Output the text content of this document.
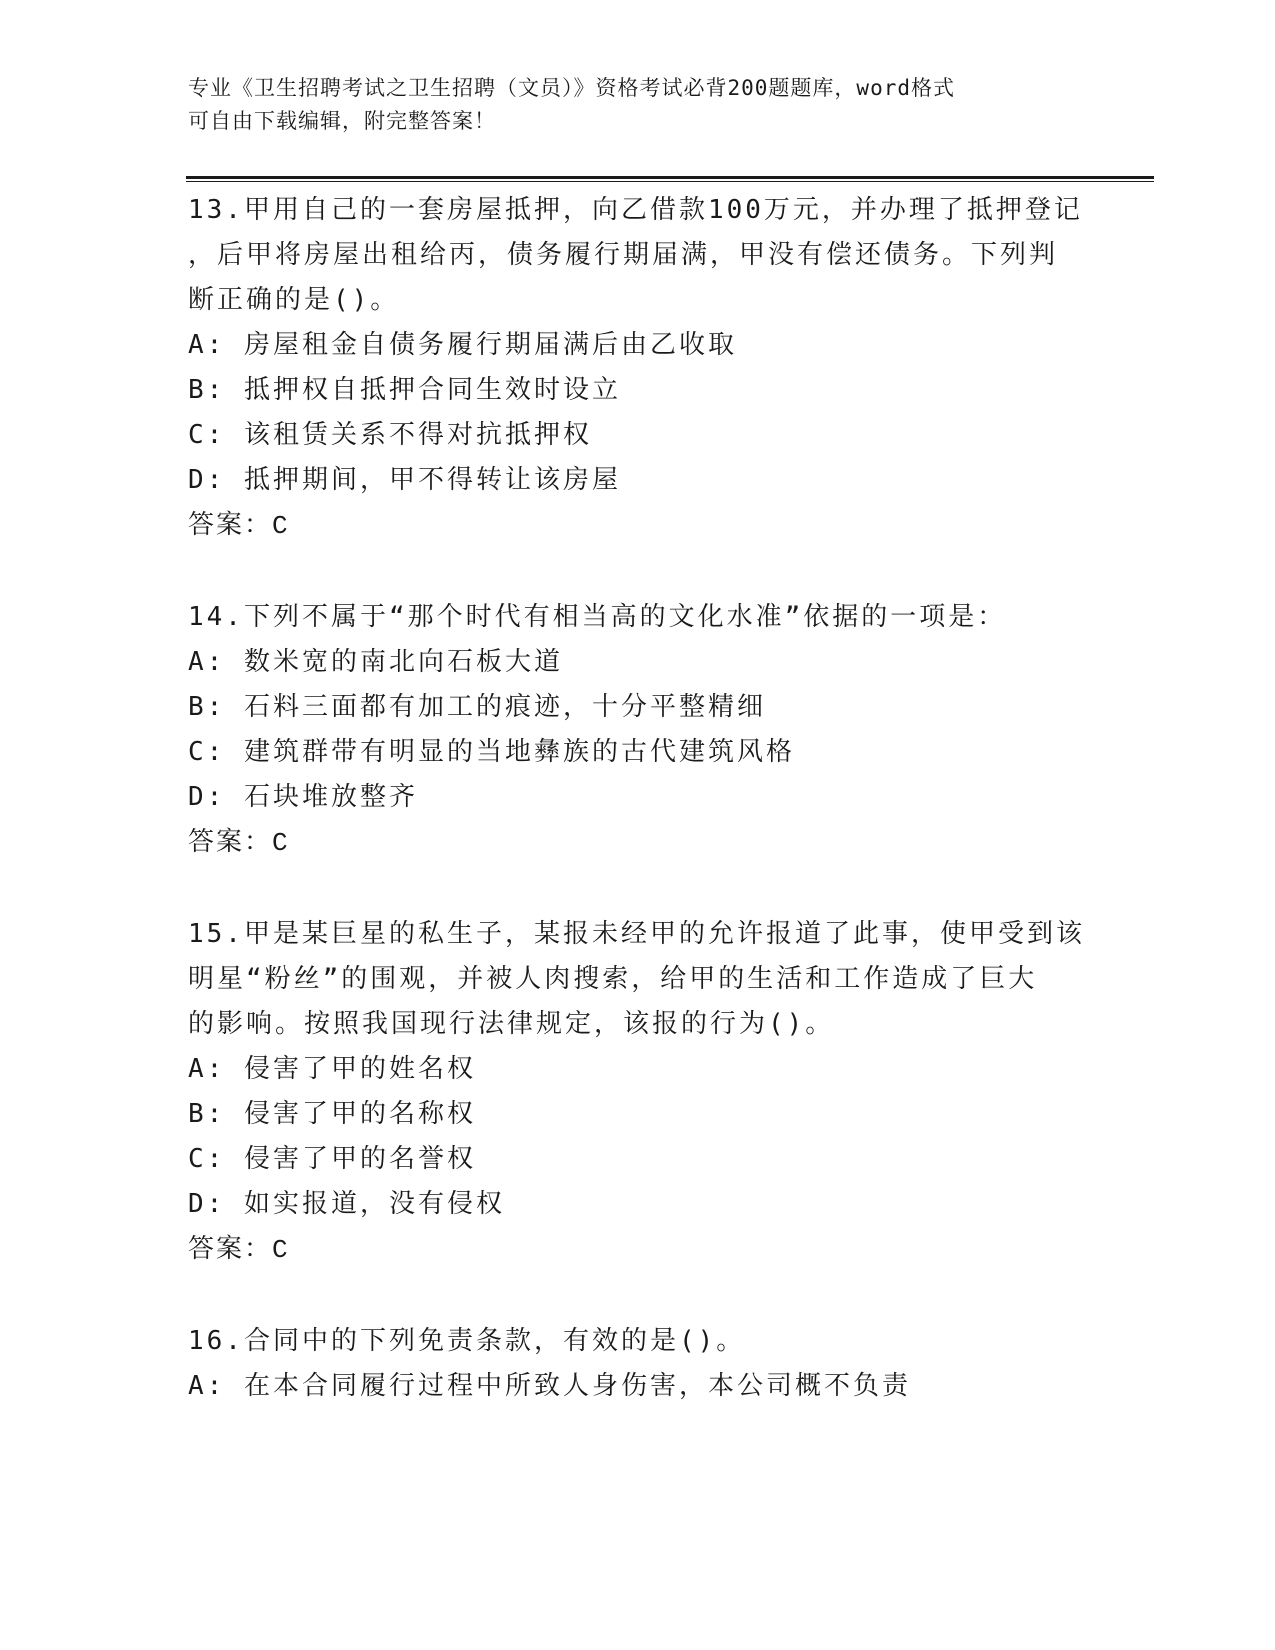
专业《卫生招聘考试之卫生招聘（文员）》资格考试必背200题题库，word格式
可自由下载编辑，附完整答案！
13.甲用自己的一套房屋抵押，向乙借款100万元，并办理了抵押登记
，后甲将房屋出租给丙，债务履行期届满，甲没有偿还债务。下列判
断正确的是()。
A: 房屋租金自债务履行期届满后由乙收取
B: 抵押权自抵押合同生效时设立
C: 该租赁关系不得对抗抵押权
D: 抵押期间，甲不得转让该房屋
答案：C
14.下列不属于“那个时代有相当高的文化水准”依据的一项是：
A: 数米宽的南北向石板大道
B: 石料三面都有加工的痕迹，十分平整精细
C: 建筑群带有明显的当地彝族的古代建筑风格
D: 石块堆放整齐
答案：C
15.甲是某巨星的私生子，某报未经甲的允许报道了此事，使甲受到该
明星“粉丝”的围观，并被人肉搜索，给甲的生活和工作造成了巨大
的影响。按照我国现行法律规定，该报的行为()。
A: 侵害了甲的姓名权
B: 侵害了甲的名称权
C: 侵害了甲的名誉权
D: 如实报道，没有侵权
答案：C
16.合同中的下列免责条款，有效的是()。
A: 在本合同履行过程中所致人身伤害，本公司概不负责
